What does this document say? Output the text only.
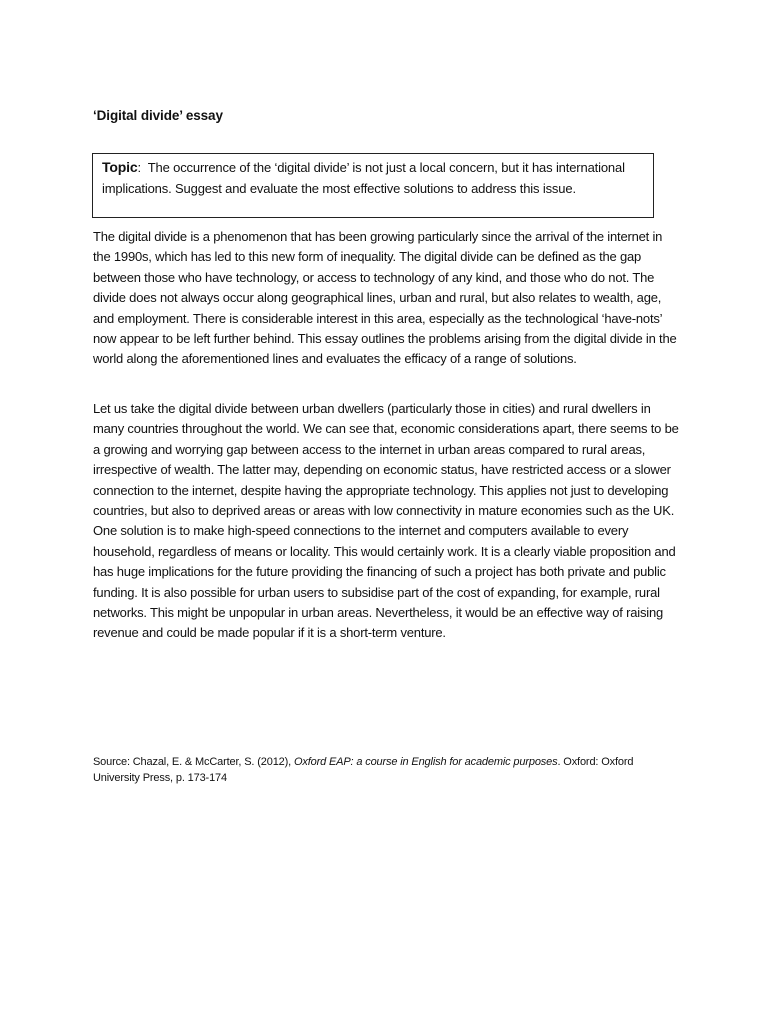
‘Digital divide’ essay
Topic: The occurrence of the ‘digital divide’ is not just a local concern, but it has international implications. Suggest and evaluate the most effective solutions to address this issue.

The digital divide is a phenomenon that has been growing particularly since the arrival of the internet in the 1990s, which has led to this new form of inequality. The digital divide can be defined as the gap between those who have technology, or access to technology of any kind, and those who do not. The divide does not always occur along geographical lines, urban and rural, but also relates to wealth, age, and employment. There is considerable interest in this area, especially as the technological ‘have-nots’ now appear to be left further behind. This essay outlines the problems arising from the digital divide in the world along the aforementioned lines and evaluates the efficacy of a range of solutions.

Let us take the digital divide between urban dwellers (particularly those in cities) and rural dwellers in many countries throughout the world. We can see that, economic considerations apart, there seems to be a growing and worrying gap between access to the internet in urban areas compared to rural areas, irrespective of wealth. The latter may, depending on economic status, have restricted access or a slower connection to the internet, despite having the appropriate technology. This applies not just to developing countries, but also to deprived areas or areas with low connectivity in mature economies such as the UK. One solution is to make high-speed connections to the internet and computers available to every household, regardless of means or locality. This would certainly work. It is a clearly viable proposition and has huge implications for the future providing the financing of such a project has both private and public funding. It is also possible for urban users to subsidise part of the cost of expanding, for example, rural networks. This might be unpopular in urban areas. Nevertheless, it would be an effective way of raising revenue and could be made popular if it is a short-term venture.

Source: Chazal, E. & McCarter, S. (2012), Oxford EAP: a course in English for academic purposes. Oxford: Oxford University Press, p. 173-174
